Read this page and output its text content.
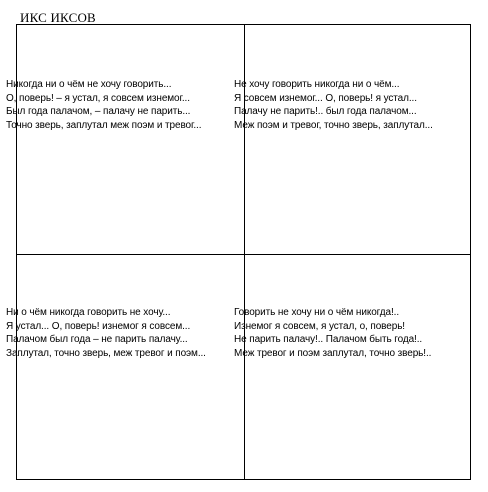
ИКС ИКСОВ
Никогда ни о чём не хочу говорить...
О, поверь! – я устал, я совсем изнемог...
Был года палачом, – палачу не парить...
Точно зверь, заплутал меж поэм и тревог...
Не хочу говорить никогда ни о чём...
Я совсем изнемог... О, поверь! я устал...
Палачу не парить!.. был года палачом...
Меж поэм и тревог, точно зверь, заплутал...
Ни о чём никогда говорить не хочу...
Я устал... О, поверь! изнемог я совсем...
Палачом был года – не парить палачу...
Заплутал, точно зверь, меж тревог и поэм...
Говорить не хочу ни о чём никогда!..
Изнемог я совсем, я устал, о, поверь!
Не парить палачу!.. Палачом быть года!..
Меж тревог и поэм заплутал, точно зверь!..
